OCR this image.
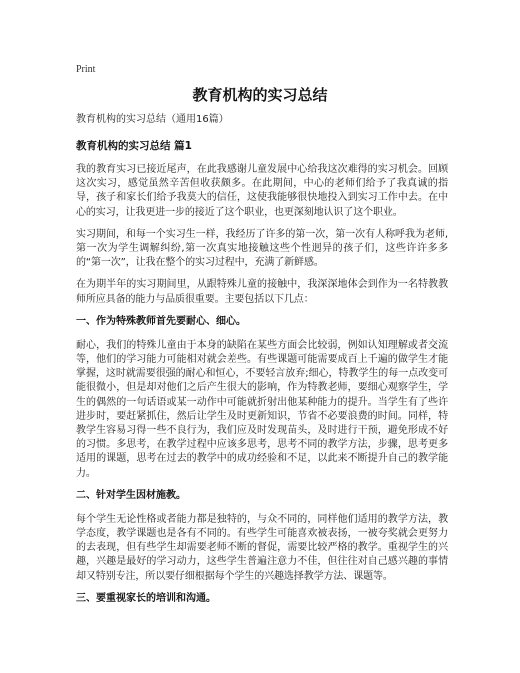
Print
教育机构的实习总结

教育机构的实习总结（通用16篇）

教育机构的实习总结 篇1

我的教育实习已接近尾声，在此我感谢儿童发展中心给我这次难得的实习机会。回顾这次实习，感觉虽然辛苦但收获颇多。在此期间，中心的老师们给予了我真诚的指导，孩子和家长们给予我莫大的信任，这使我能够很快地投入到实习工作中去。在中心的实习，让我更进一步的接近了这个职业，也更深刻地认识了这个职业。

实习期间，和每一个实习生一样，我经历了许多的第一次，第一次有人称呼我为老师,第一次为学生调解纠纷,第一次真实地接触这些个性迥异的孩子们，这些许许多多的“第一次”，让我在整个的实习过程中，充满了新鲜感。

在为期半年的实习期间里，从跟特殊儿童的接触中，我深深地体会到作为一名特教教师所应具备的能力与品质很重要。主要包括以下几点：

一、作为特殊教师首先要耐心、细心。

耐心，我们的特殊儿童由于本身的缺陷在某些方面会比较弱，例如认知理解或者交流等，他们的学习能力可能相对就会差些。有些课题可能需要成百上千遍的做学生才能掌握，这时就需要很强的耐心和恒心，不要轻言放弃;细心，特教学生的每一点改变可能很微小，但是却对他们之后产生很大的影响，作为特教老师，要细心观察学生，学生的偶然的一句话语或某一动作中可能就折射出他某种能力的提升。当学生有了些许进步时，要赶紧抓住，然后让学生及时更新知识，节省不必要浪费的时间。同样，特教学生容易习得一些不良行为，我们应及时发现苗头，及时进行干预，避免形成不好的习惯。多思考，在教学过程中应该多思考，思考不同的教学方法，步骤，思考更多适用的课题，思考在过去的教学中的成功经验和不足，以此来不断提升自己的教学能力。

二、针对学生因材施教。

每个学生无论性格或者能力都是独特的，与众不同的，同样他们适用的教学方法，教学态度，教学课题也是各有不同的。有些学生可能喜欢被表扬，一被夸奖就会更努力的去表现，但有些学生却需要老师不断的督促，需要比较严格的教学。重视学生的兴趣，兴趣是最好的学习动力，这些学生普遍注意力不佳，但往往对自己感兴趣的事情却又特别专注，所以要仔细根据每个学生的兴趣选择教学方法、课题等。

三、要重视家长的培训和沟通。
